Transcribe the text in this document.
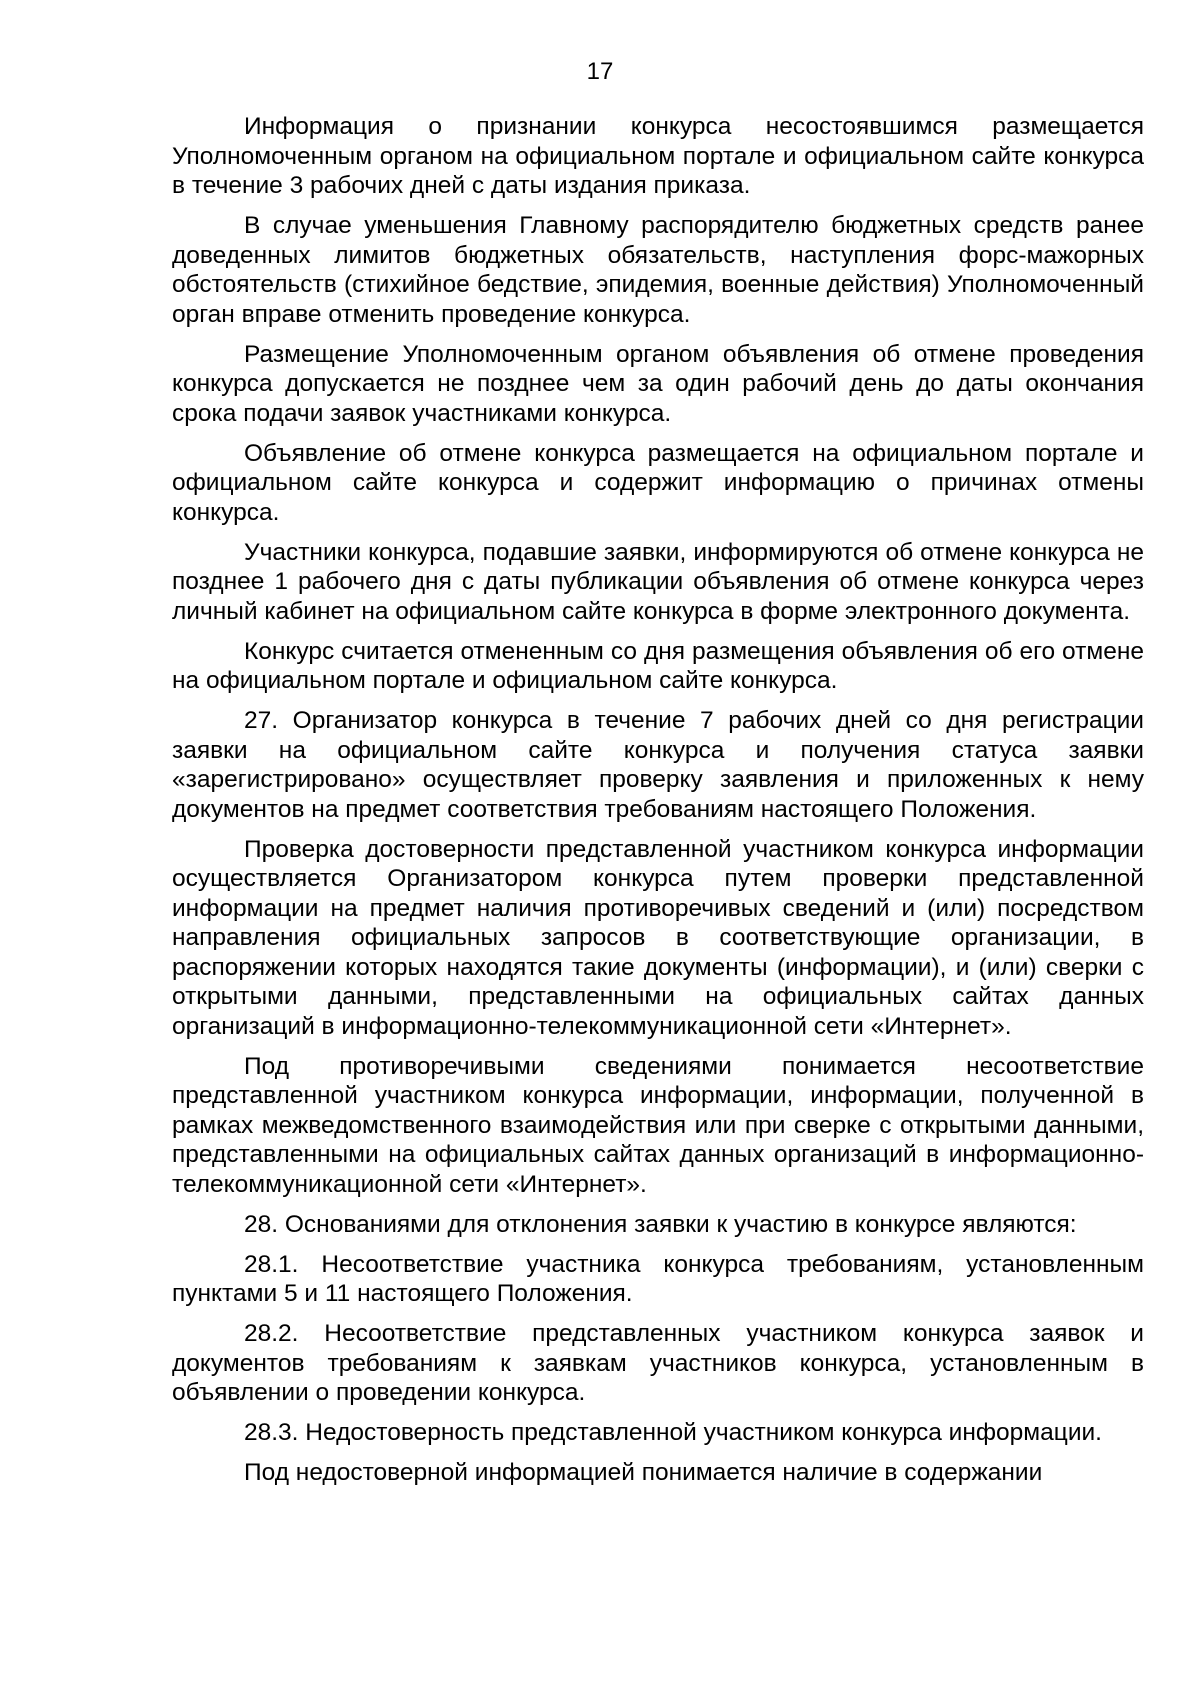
17

Информация о признании конкурса несостоявшимся размещается Уполномоченным органом на официальном портале и официальном сайте конкурса в течение 3 рабочих дней с даты издания приказа.

В случае уменьшения Главному распорядителю бюджетных средств ранее доведенных лимитов бюджетных обязательств, наступления форс-мажорных обстоятельств (стихийное бедствие, эпидемия, военные действия) Уполномоченный орган вправе отменить проведение конкурса.

Размещение Уполномоченным органом объявления об отмене проведения конкурса допускается не позднее чем за один рабочий день до даты окончания срока подачи заявок участниками конкурса.

Объявление об отмене конкурса размещается на официальном портале и официальном сайте конкурса и содержит информацию о причинах отмены конкурса.

Участники конкурса, подавшие заявки, информируются об отмене конкурса не позднее 1 рабочего дня с даты публикации объявления об отмене конкурса через личный кабинет на официальном сайте конкурса в форме электронного документа.

Конкурс считается отмененным со дня размещения объявления об его отмене на официальном портале и официальном сайте конкурса.

27. Организатор конкурса в течение 7 рабочих дней со дня регистрации заявки на официальном сайте конкурса и получения статуса заявки «зарегистрировано» осуществляет проверку заявления и приложенных к нему документов на предмет соответствия требованиям настоящего Положения.

Проверка достоверности представленной участником конкурса информации осуществляется Организатором конкурса путем проверки представленной информации на предмет наличия противоречивых сведений и (или) посредством направления официальных запросов в соответствующие организации, в распоряжении которых находятся такие документы (информации), и (или) сверки с открытыми данными, представленными на официальных сайтах данных организаций в информационно-телекоммуникационной сети «Интернет».

Под противоречивыми сведениями понимается несоответствие представленной участником конкурса информации, информации, полученной в рамках межведомственного взаимодействия или при сверке с открытыми данными, представленными на официальных сайтах данных организаций в информационно-телекоммуникационной сети «Интернет».

28. Основаниями для отклонения заявки к участию в конкурсе являются:

28.1. Несоответствие участника конкурса требованиям, установленным пунктами 5 и 11 настоящего Положения.

28.2. Несоответствие представленных участником конкурса заявок и документов требованиям к заявкам участников конкурса, установленным в объявлении о проведении конкурса.

28.3. Недостоверность представленной участником конкурса информации.

Под недостоверной информацией понимается наличие в содержании
